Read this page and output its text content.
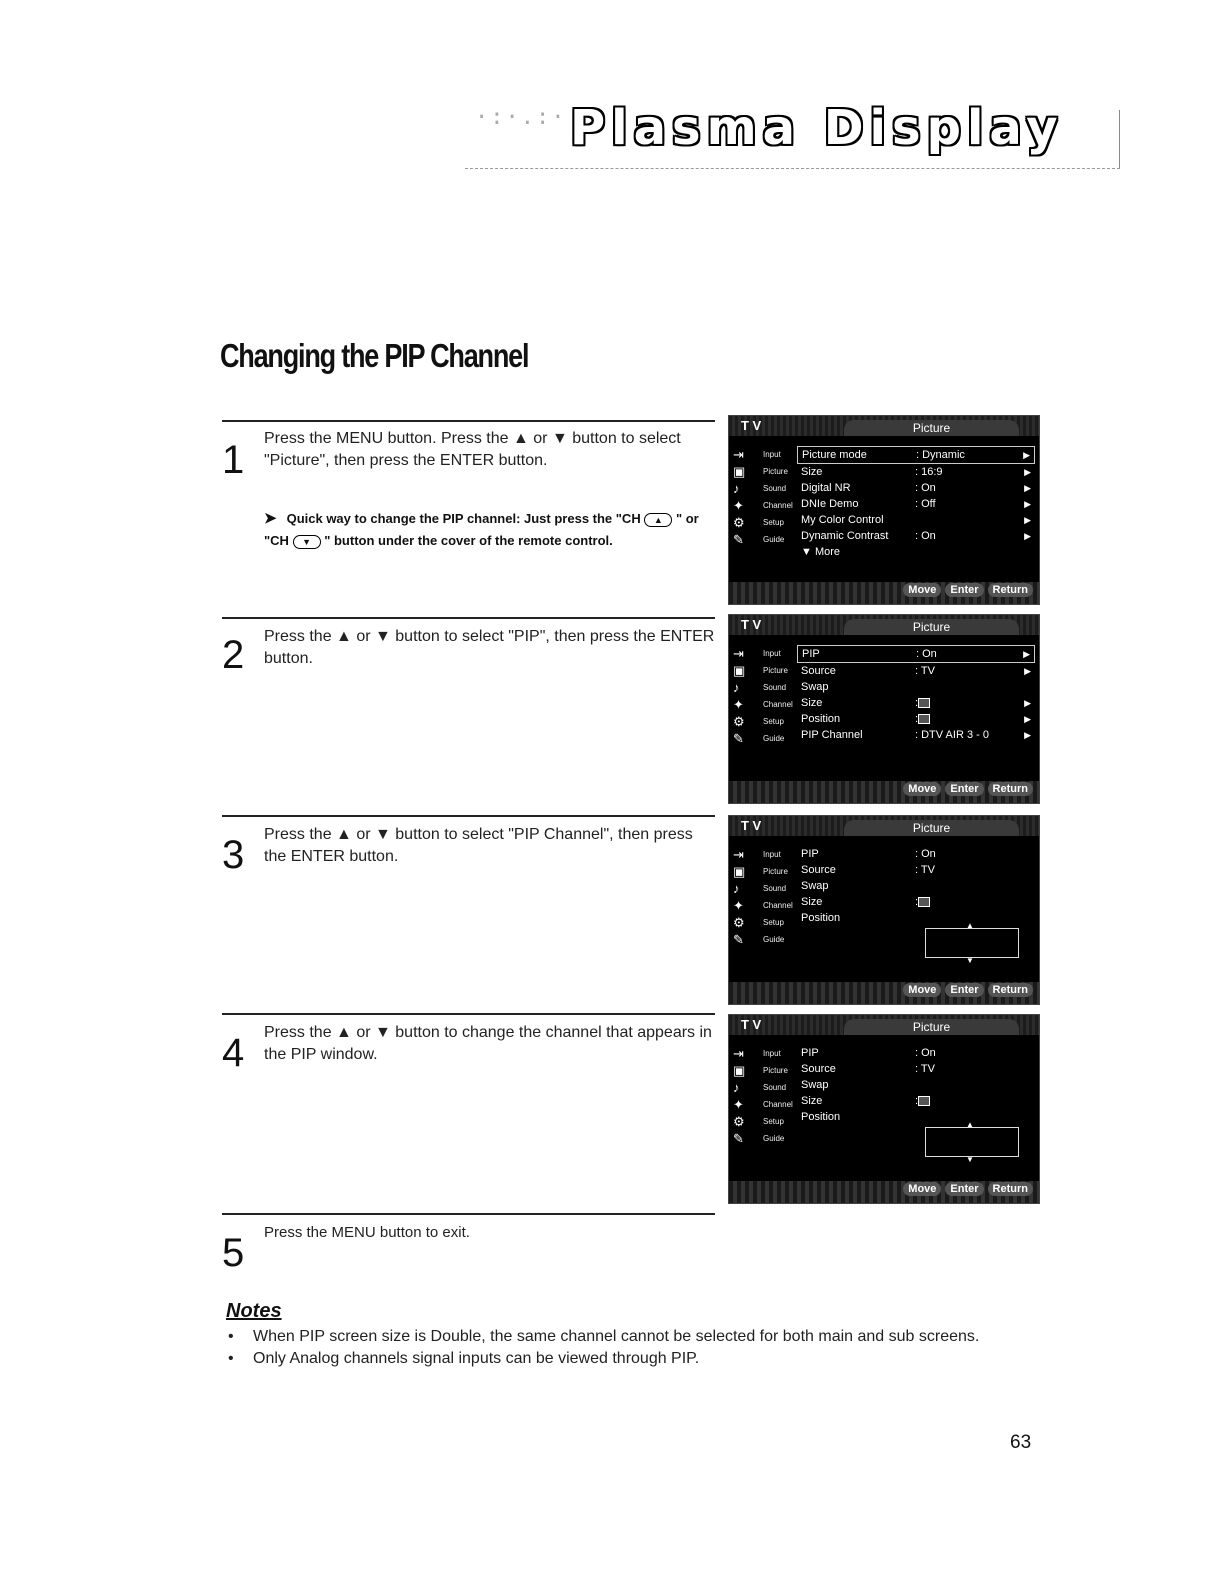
·:·.:· Plasma Display
Changing the PIP Channel
1 Press the MENU button. Press the ▲ or ▼ button to select "Picture", then press the ENTER button.
➤ Quick way to change the PIP channel: Just press the "CH ▲ " or
"CH ▼ " button under the cover of the remote control.
2 Press the ▲ or ▼ button to select "PIP", then press the ENTER button.
3 Press the ▲ or ▼ button to select "PIP Channel", then press the ENTER button.
4 Press the ▲ or ▼ button to change the channel that appears in the PIP window.
5 Press the MENU button to exit.
T V	Picture
⇥ Input
▣ Picture
♪	Sound
✦ Channel
⚙ Setup
✎ Guide
Picture mode	: Dynamic	▶
Size	: 16:9	▶
Digital NR	: On	▶
DNIe Demo	: Off	▶
My Color Control	▶
Dynamic Contrast : On	▶
▼ More
Move Enter Return
T V	Picture
⇥ Input
▣ Picture
♪	Sound
✦ Channel
⚙ Setup
✎ Guide
PIP	: On	▶
Source	: TV	▶
Swap
Size	:	▶
Position	:	▶
PIP Channel	: DTV AIR 3 - 0	▶
Move Enter Return
T V	Picture
⇥ Input
▣ Picture
♪	Sound
✦ Channel
⚙ Setup
✎ Guide
PIP	: On
Source	: TV
Swap
Size	:
Position
▲
▼
Move Enter Return
T V	Picture
⇥ Input
▣ Picture
♪	Sound
✦ Channel
⚙ Setup
✎ Guide
PIP	: On
Source	: TV
Swap
Size	:
Position
▲
▼
Move Enter Return
Notes
• When PIP screen size is Double, the same channel cannot be selected for both main and sub screens.
• Only Analog channels signal inputs can be viewed through PIP.
63
